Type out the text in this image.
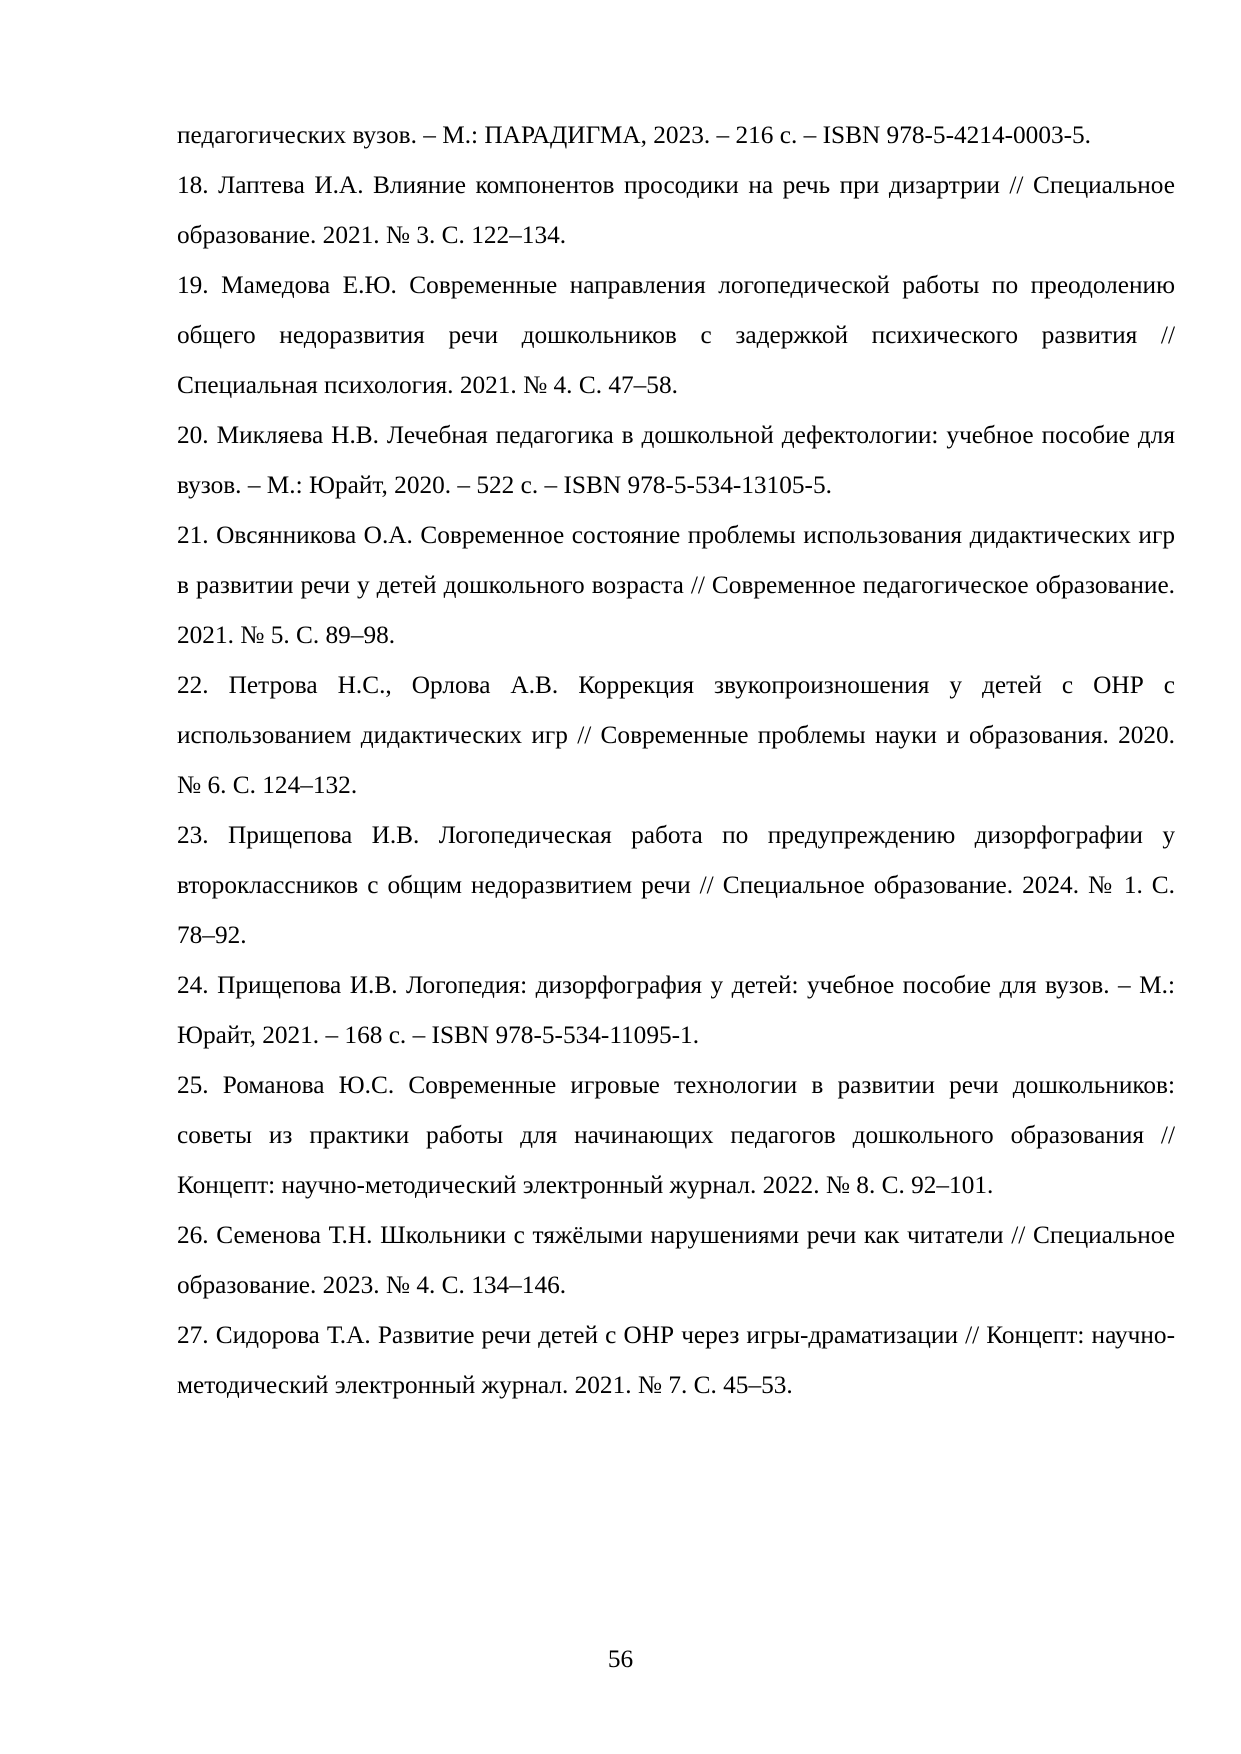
педагогических вузов. – М.: ПАРАДИГМА, 2023. – 216 с. – ISBN 978-5-4214-0003-5.

18. Лаптева И.А. Влияние компонентов просодики на речь при дизартрии // Специальное образование. 2021. № 3. С. 122–134.

19. Мамедова Е.Ю. Современные направления логопедической работы по преодолению общего недоразвития речи дошкольников с задержкой психического развития // Специальная психология. 2021. № 4. С. 47–58.

20. Микляева Н.В. Лечебная педагогика в дошкольной дефектологии: учебное пособие для вузов. – М.: Юрайт, 2020. – 522 с. – ISBN 978-5-534-13105-5.

21. Овсянникова О.А. Современное состояние проблемы использования дидактических игр в развитии речи у детей дошкольного возраста // Современное педагогическое образование. 2021. № 5. С. 89–98.

22. Петрова Н.С., Орлова А.В. Коррекция звукопроизношения у детей с ОНР с использованием дидактических игр // Современные проблемы науки и образования. 2020. № 6. С. 124–132.

23. Прищепова И.В. Логопедическая работа по предупреждению дизорфографии у второклассников с общим недоразвитием речи // Специальное образование. 2024. № 1. С. 78–92.

24. Прищепова И.В. Логопедия: дизорфография у детей: учебное пособие для вузов. – М.: Юрайт, 2021. – 168 с. – ISBN 978-5-534-11095-1.

25. Романова Ю.С. Современные игровые технологии в развитии речи дошкольников: советы из практики работы для начинающих педагогов дошкольного образования // Концепт: научно-методический электронный журнал. 2022. № 8. С. 92–101.

26. Семенова Т.Н. Школьники с тяжёлыми нарушениями речи как читатели // Специальное образование. 2023. № 4. С. 134–146.

27. Сидорова Т.А. Развитие речи детей с ОНР через игры-драматизации // Концепт: научно-методический электронный журнал. 2021. № 7. С. 45–53.

56
